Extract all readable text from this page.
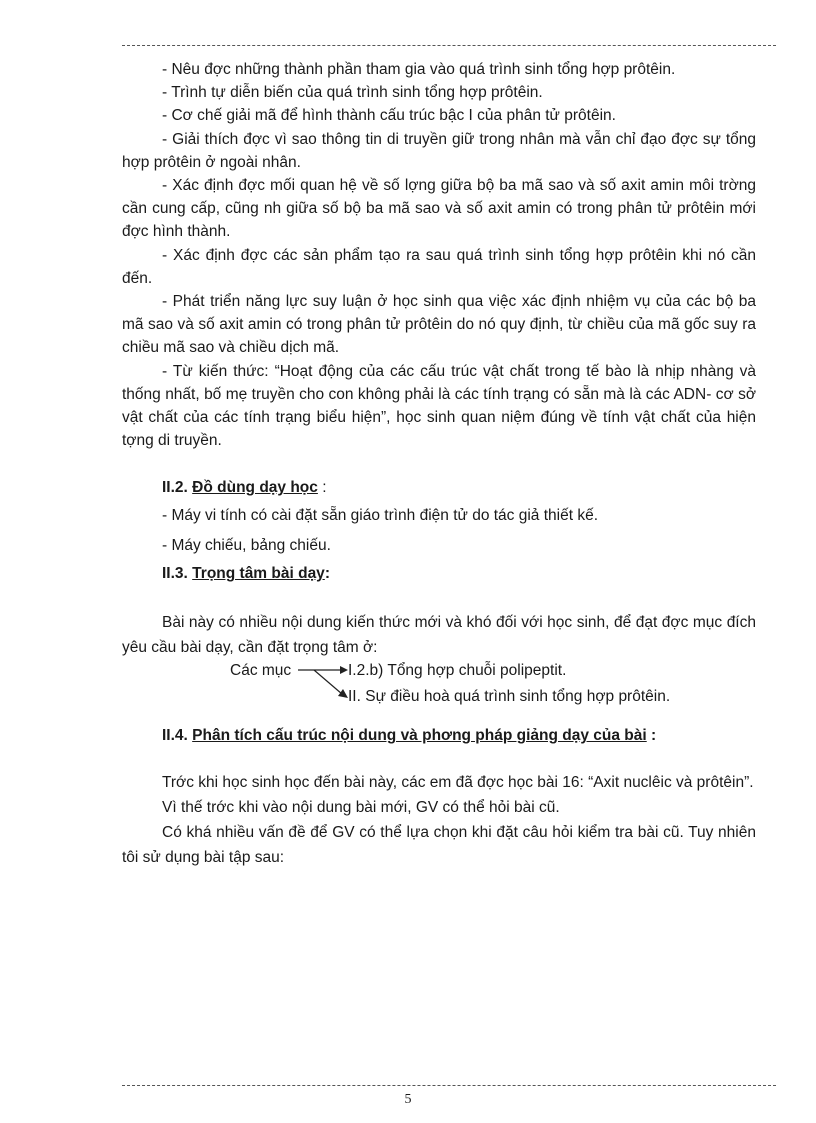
- Nêu đợc những thành phần tham gia vào quá trình sinh tổng hợp prôtêin.

- Trình tự diễn biến của quá trình sinh tổng hợp prôtêin.

- Cơ chế giải mã để hình thành cấu trúc bậc I của phân tử prôtêin.

- Giải thích đợc vì sao thông tin di truyền giữ trong nhân mà vẫn chỉ đạo đợc sự tổng hợp prôtêin ở ngoài nhân.

- Xác định đợc mối quan hệ về số lợng giữa bộ ba mã sao và số axit amin môi trờng cần cung cấp, cũng nh giữa số bộ ba mã sao và số axit amin có trong phân tử prôtêin mới đợc hình thành.

- Xác định đợc các sản phẩm tạo ra sau quá trình sinh tổng hợp prôtêin khi nó cần đến.

- Phát triển năng lực suy luận ở học sinh qua việc xác định nhiệm vụ của các bộ ba mã sao và số axit amin có trong phân tử prôtêin do nó quy định, từ chiều của mã gốc suy ra chiều mã sao và chiều dịch mã.

- Từ kiến thức: “Hoạt động của các cấu trúc vật chất trong tế bào là nhịp nhàng và thống nhất, bố mẹ truyền cho con không phải là các tính trạng có sẵn mà là các ADN- cơ sở vật chất của các tính trạng biểu hiện”, học sinh quan niệm đúng về tính vật chất của hiện tợng di truyền.

II.2. Đồ dùng dạy học :

- Máy vi tính có cài đặt sẵn giáo trình điện tử do tác giả thiết kế.

- Máy chiếu, bảng chiếu.

II.3. Trọng tâm bài dạy:

Bài này có nhiều nội dung kiến thức mới và khó đối với học sinh, để đạt đợc mục đích yêu cầu bài dạy, cần đặt trọng tâm ở:

Các mục	I.2.b) Tổng hợp chuỗi polipeptit.
II. Sự điều hoà quá trình sinh tổng hợp prôtêin.

II.4. Phân tích cấu trúc nội dung và phơng pháp giảng dạy của bài :

Trớc khi học sinh học đến bài này, các em đã đợc học bài 16: “Axit nuclêic và prôtêin”.

Vì thế trớc khi vào nội dung bài mới, GV có thể hỏi bài cũ.

Có khá nhiều vấn đề để GV có thể lựa chọn khi đặt câu hỏi kiểm tra bài cũ. Tuy nhiên tôi sử dụng bài tập sau:

5
